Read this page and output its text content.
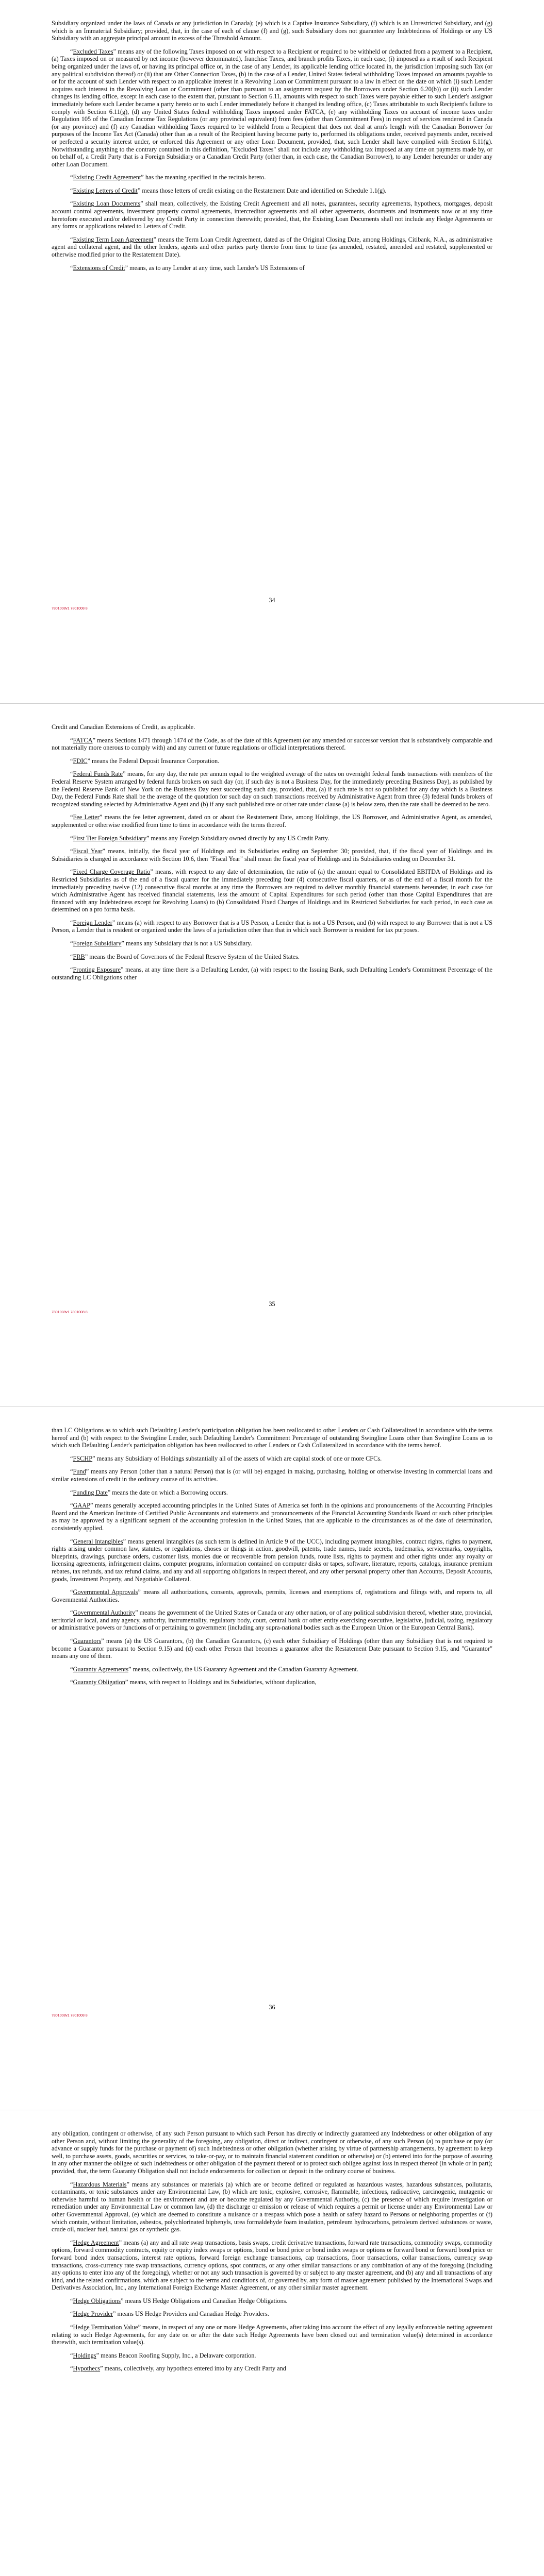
Subsidiary organized under the laws of Canada or any jurisdiction in Canada); (e) which is a Captive Insurance Subsidiary, (f) which is an Unrestricted Subsidiary, and (g) which is an Immaterial Subsidiary; provided, that, in the case of each of clause (f) and (g), such Subsidiary does not guarantee any Indebtedness of Holdings or any US Subsidiary with an aggregate principal amount in excess of the Threshold Amount.

“Excluded Taxes” means any of the following Taxes imposed on or with respect to a Recipient or required to be withheld or deducted from a payment to a Recipient, (a) Taxes imposed on or measured by net income (however denominated), franchise Taxes, and branch profits Taxes, in each case, (i) imposed as a result of such Recipient being organized under the laws of, or having its principal office or, in the case of any Lender, its applicable lending office located in, the jurisdiction imposing such Tax (or any political subdivision thereof) or (ii) that are Other Connection Taxes, (b) in the case of a Lender, United States federal withholding Taxes imposed on amounts payable to or for the account of such Lender with respect to an applicable interest in a Revolving Loan or Commitment pursuant to a law in effect on the date on which (i) such Lender acquires such interest in the Revolving Loan or Commitment (other than pursuant to an assignment request by the Borrowers under Section 6.20(b)) or (ii) such Lender changes its lending office, except in each case to the extent that, pursuant to Section 6.11, amounts with respect to such Taxes were payable either to such Lender's assignor immediately before such Lender became a party hereto or to such Lender immediately before it changed its lending office, (c) Taxes attributable to such Recipient's failure to comply with Section 6.11(g), (d) any United States federal withholding Taxes imposed under FATCA, (e) any withholding Taxes on account of income taxes under Regulation 105 of the Canadian Income Tax Regulations (or any provincial equivalent) from fees (other than Commitment Fees) in respect of services rendered in Canada (or any province) and (f) any Canadian withholding Taxes required to be withheld from a Recipient that does not deal at arm's length with the Canadian Borrower for purposes of the Income Tax Act (Canada) other than as a result of the Recipient having become party to, performed its obligations under, received payments under, received or perfected a security interest under, or enforced this Agreement or any other Loan Document, provided, that, such Lender shall have complied with Section 6.11(g). Notwithstanding anything to the contrary contained in this definition, "Excluded Taxes" shall not include any withholding tax imposed at any time on payments made by, or on behalf of, a Credit Party that is a Foreign Subsidiary or a Canadian Credit Party (other than, in each case, the Canadian Borrower), to any Lender hereunder or under any other Loan Document.

“Existing Credit Agreement” has the meaning specified in the recitals hereto.

“Existing Letters of Credit” means those letters of credit existing on the Restatement Date and identified on Schedule 1.1(g).

“Existing Loan Documents” shall mean, collectively, the Existing Credit Agreement and all notes, guarantees, security agreements, hypothecs, mortgages, deposit account control agreements, investment property control agreements, intercreditor agreements and all other agreements, documents and instruments now or at any time heretofore executed and/or delivered by any Credit Party in connection therewith; provided, that, the Existing Loan Documents shall not include any Hedge Agreements or any forms or applications related to Letters of Credit.

“Existing Term Loan Agreement” means the Term Loan Credit Agreement, dated as of the Original Closing Date, among Holdings, Citibank, N.A., as administrative agent and collateral agent, and the other lenders, agents and other parties party thereto from time to time (as amended, restated, amended and restated, supplemented or otherwise modified prior to the Restatement Date).

“Extensions of Credit” means, as to any Lender at any time, such Lender's US Extensions of

34
7801008v1 7801008 8

Credit and Canadian Extensions of Credit, as applicable.

“FATCA” means Sections 1471 through 1474 of the Code, as of the date of this Agreement (or any amended or successor version that is substantively comparable and not materially more onerous to comply with) and any current or future regulations or official interpretations thereof.

“FDIC” means the Federal Deposit Insurance Corporation.

“Federal Funds Rate” means, for any day, the rate per annum equal to the weighted average of the rates on overnight federal funds transactions with members of the Federal Reserve System arranged by federal funds brokers on such day (or, if such day is not a Business Day, for the immediately preceding Business Day), as published by the Federal Reserve Bank of New York on the Business Day next succeeding such day, provided, that, (a) if such rate is not so published for any day which is a Business Day, the Federal Funds Rate shall be the average of the quotation for such day on such transactions received by Administrative Agent from three (3) federal funds brokers of recognized standing selected by Administrative Agent and (b) if any such published rate or other rate under clause (a) is below zero, then the rate shall be deemed to be zero.

“Fee Letter” means the fee letter agreement, dated on or about the Restatement Date, among Holdings, the US Borrower, and Administrative Agent, as amended, supplemented or otherwise modified from time to time in accordance with the terms thereof.

“First Tier Foreign Subsidiary” means any Foreign Subsidiary owned directly by any US Credit Party.

“Fiscal Year” means, initially, the fiscal year of Holdings and its Subsidiaries ending on September 30; provided, that, if the fiscal year of Holdings and its Subsidiaries is changed in accordance with Section 10.6, then "Fiscal Year" shall mean the fiscal year of Holdings and its Subsidiaries ending on December 31.

“Fixed Charge Coverage Ratio” means, with respect to any date of determination, the ratio of (a) the amount equal to Consolidated EBITDA of Holdings and its Restricted Subsidiaries as of the end of a fiscal quarter for the immediately preceding four (4) consecutive fiscal quarters, or as of the end of a fiscal month for the immediately preceding twelve (12) consecutive fiscal months at any time the Borrowers are required to deliver monthly financial statements hereunder, in each case for which Administrative Agent has received financial statements, less the amount of Capital Expenditures for such period (other than those Capital Expenditures that are financed with any Indebtedness except for Revolving Loans) to (b) Consolidated Fixed Charges of Holdings and its Restricted Subsidiaries for such period, in each case as determined on a pro forma basis.

“Foreign Lender” means (a) with respect to any Borrower that is a US Person, a Lender that is not a US Person, and (b) with respect to any Borrower that is not a US Person, a Lender that is resident or organized under the laws of a jurisdiction other than that in which such Borrower is resident for tax purposes.

“Foreign Subsidiary” means any Subsidiary that is not a US Subsidiary.

“FRB” means the Board of Governors of the Federal Reserve System of the United States.

“Fronting Exposure” means, at any time there is a Defaulting Lender, (a) with respect to the Issuing Bank, such Defaulting Lender's Commitment Percentage of the outstanding LC Obligations other

35
7801008v1 7801008 8

than LC Obligations as to which such Defaulting Lender's participation obligation has been reallocated to other Lenders or Cash Collateralized in accordance with the terms hereof and (b) with respect to the Swingline Lender, such Defaulting Lender's Commitment Percentage of outstanding Swingline Loans other than Swingline Loans as to which such Defaulting Lender's participation obligation has been reallocated to other Lenders or Cash Collateralized in accordance with the terms hereof.

“FSCHP” means any Subsidiary of Holdings substantially all of the assets of which are capital stock of one or more CFCs.

“Fund” means any Person (other than a natural Person) that is (or will be) engaged in making, purchasing, holding or otherwise investing in commercial loans and similar extensions of credit in the ordinary course of its activities.

“Funding Date” means the date on which a Borrowing occurs.

“GAAP” means generally accepted accounting principles in the United States of America set forth in the opinions and pronouncements of the Accounting Principles Board and the American Institute of Certified Public Accountants and statements and pronouncements of the Financial Accounting Standards Board or such other principles as may be approved by a significant segment of the accounting profession in the United States, that are applicable to the circumstances as of the date of determination, consistently applied.

“General Intangibles” means general intangibles (as such term is defined in Article 9 of the UCC), including payment intangibles, contract rights, rights to payment, rights arising under common law, statutes, or regulations, choses or things in action, goodwill, patents, trade names, trade secrets, trademarks, servicemarks, copyrights, blueprints, drawings, purchase orders, customer lists, monies due or recoverable from pension funds, route lists, rights to payment and other rights under any royalty or licensing agreements, infringement claims, computer programs, information contained on computer disks or tapes, software, literature, reports, catalogs, insurance premium rebates, tax refunds, and tax refund claims, and any and all supporting obligations in respect thereof, and any other personal property other than Accounts, Deposit Accounts, goods, Investment Property, and Negotiable Collateral.

“Governmental Approvals” means all authorizations, consents, approvals, permits, licenses and exemptions of, registrations and filings with, and reports to, all Governmental Authorities.

“Governmental Authority” means the government of the United States or Canada or any other nation, or of any political subdivision thereof, whether state, provincial, territorial or local, and any agency, authority, instrumentality, regulatory body, court, central bank or other entity exercising executive, legislative, judicial, taxing, regulatory or administrative powers or functions of or pertaining to government (including any supra-national bodies such as the European Union or the European Central Bank).

“Guarantors” means (a) the US Guarantors, (b) the Canadian Guarantors, (c) each other Subsidiary of Holdings (other than any Subsidiary that is not required to become a Guarantor pursuant to Section 9.15) and (d) each other Person that becomes a guarantor after the Restatement Date pursuant to Section 9.15, and "Guarantor" means any one of them.

“Guaranty Agreements” means, collectively, the US Guaranty Agreement and the Canadian Guaranty Agreement.

“Guaranty Obligation” means, with respect to Holdings and its Subsidiaries, without duplication,

36
7801008v1 7801008 8

any obligation, contingent or otherwise, of any such Person pursuant to which such Person has directly or indirectly guaranteed any Indebtedness or other obligation of any other Person and, without limiting the generality of the foregoing, any obligation, direct or indirect, contingent or otherwise, of any such Person (a) to purchase or pay (or advance or supply funds for the purchase or payment of) such Indebtedness or other obligation (whether arising by virtue of partnership arrangements, by agreement to keep well, to purchase assets, goods, securities or services, to take-or-pay, or to maintain financial statement condition or otherwise) or (b) entered into for the purpose of assuring in any other manner the obligee of such Indebtedness or other obligation of the payment thereof or to protect such obligee against loss in respect thereof (in whole or in part); provided, that, the term Guaranty Obligation shall not include endorsements for collection or deposit in the ordinary course of business.

“Hazardous Materials” means any substances or materials (a) which are or become defined or regulated as hazardous wastes, hazardous substances, pollutants, contaminants, or toxic substances under any Environmental Law, (b) which are toxic, explosive, corrosive, flammable, infectious, radioactive, carcinogenic, mutagenic or otherwise harmful to human health or the environment and are or become regulated by any Governmental Authority, (c) the presence of which require investigation or remediation under any Environmental Law or common law, (d) the discharge or emission or release of which requires a permit or license under any Environmental Law or other Governmental Approval, (e) which are deemed to constitute a nuisance or a trespass which pose a health or safety hazard to Persons or neighboring properties or (f) which contain, without limitation, asbestos, polychlorinated biphenyls, urea formaldehyde foam insulation, petroleum hydrocarbons, petroleum derived substances or waste, crude oil, nuclear fuel, natural gas or synthetic gas.

“Hedge Agreement” means (a) any and all rate swap transactions, basis swaps, credit derivative transactions, forward rate transactions, commodity swaps, commodity options, forward commodity contracts, equity or equity index swaps or options, bond or bond price or bond index swaps or options or forward bond or forward bond price or forward bond index transactions, interest rate options, forward foreign exchange transactions, cap transactions, floor transactions, collar transactions, currency swap transactions, cross-currency rate swap transactions, currency options, spot contracts, or any other similar transactions or any combination of any of the foregoing (including any options to enter into any of the foregoing), whether or not any such transaction is governed by or subject to any master agreement, and (b) any and all transactions of any kind, and the related confirmations, which are subject to the terms and conditions of, or governed by, any form of master agreement published by the International Swaps and Derivatives Association, Inc., any International Foreign Exchange Master Agreement, or any other similar master agreement.

“Hedge Obligations” means US Hedge Obligations and Canadian Hedge Obligations.

“Hedge Provider” means US Hedge Providers and Canadian Hedge Providers.

“Hedge Termination Value” means, in respect of any one or more Hedge Agreements, after taking into account the effect of any legally enforceable netting agreement relating to such Hedge Agreements, for any date on or after the date such Hedge Agreements have been closed out and termination value(s) determined in accordance therewith, such termination value(s).

“Holdings” means Beacon Roofing Supply, Inc., a Delaware corporation.

“Hypothecs” means, collectively, any hypothecs entered into by any Credit Party and
